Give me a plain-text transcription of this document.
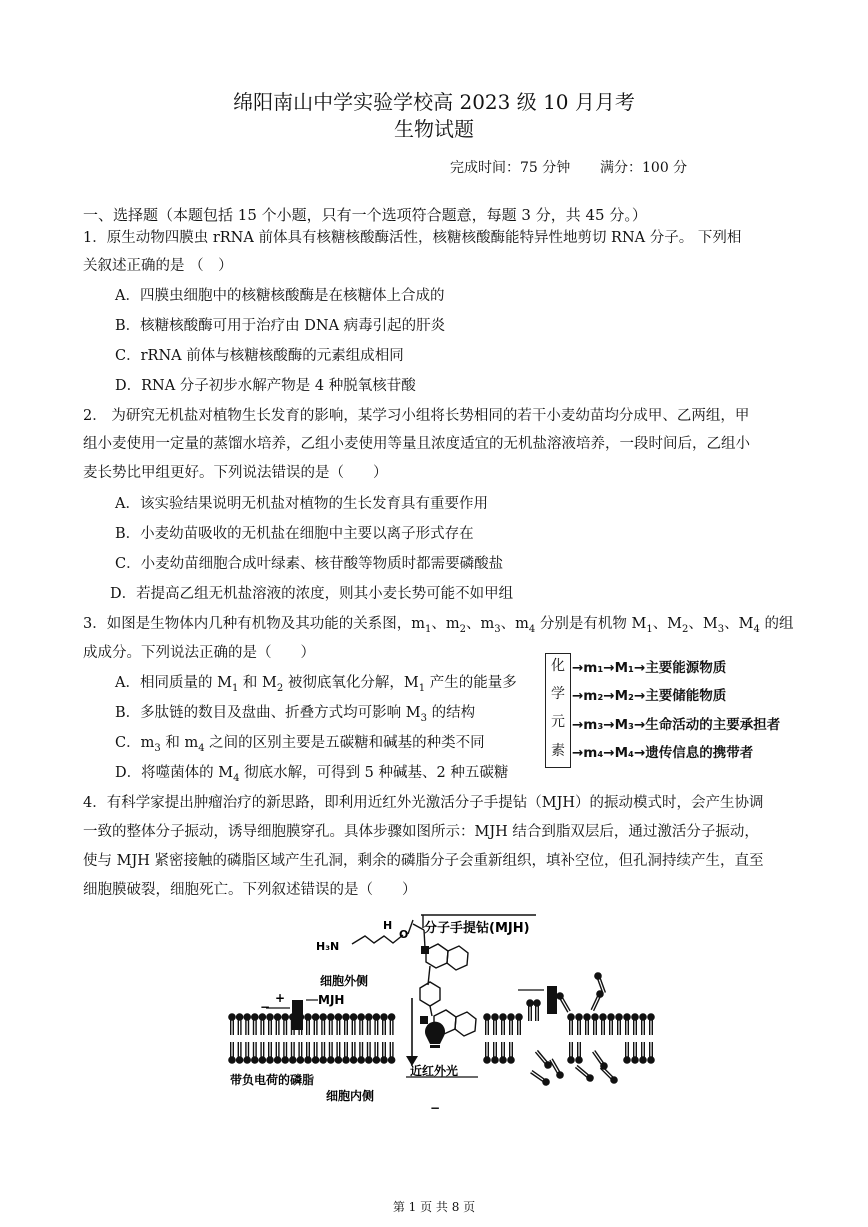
绵阳南山中学实验学校高 2023 级 10 月月考
生物试题
完成时间：75 分钟 满分：100 分
一、选择题（本题包括 15 个小题，只有一个选项符合题意，每题 3 分，共 45 分。）
1．原生动物四膜虫 rRNA 前体具有核糖核酸酶活性，核糖核酸酶能特异性地剪切 RNA 分子。 下列相
关叙述正确的是 （　）
A．四膜虫细胞中的核糖核酸酶是在核糖体上合成的
B．核糖核酸酶可用于治疗由 DNA 病毒引起的肝炎
C．rRNA 前体与核糖核酸酶的元素组成相同
D．RNA 分子初步水解产物是 4 种脱氧核苷酸
2． 为研究无机盐对植物生长发育的影响，某学习小组将长势相同的若干小麦幼苗均分成甲、乙两组，甲
组小麦使用一定量的蒸馏水培养，乙组小麦使用等量且浓度适宜的无机盐溶液培养，一段时间后，乙组小
麦长势比甲组更好。下列说法错误的是（　　）
A．该实验结果说明无机盐对植物的生长发育具有重要作用
B．小麦幼苗吸收的无机盐在细胞中主要以离子形式存在
C．小麦幼苗细胞合成叶绿素、核苷酸等物质时都需要磷酸盐
D．若提高乙组无机盐溶液的浓度，则其小麦长势可能不如甲组
3．如图是生物体内几种有机物及其功能的关系图，$m_1$、$m_2$、$m_3$、$m_4$ 分别是有机物 $M_1$、$M_2$、$M_3$、$M_4$ 的组
成成分。下列说法正确的是（　　）
A．相同质量的 $M_1$ 和 $M_2$ 被彻底氧化分解，$M_1$ 产生的能量多
B．多肽链的数目及盘曲、折叠方式均可影响 $M_3$ 的结构
C．$m_3$ 和 $m_4$ 之间的区别主要是五碳糖和碱基的种类不同
D．将噬菌体的 $M_4$ 彻底水解，可得到 5 种碱基、2 种五碳糖
化
学
元
素
→m₁→M₁→主要能源物质
→m₂→M₂→主要储能物质
→m₃→M₃→生命活动的主要承担者
→m₄→M₄→遗传信息的携带者
4．有科学家提出肿瘤治疗的新思路，即利用近红外光激活分子手提钻（MJH）的振动模式时，会产生协调
一致的整体分子振动，诱导细胞膜穿孔。具体步骤如图所示：MJH 结合到脂双层后，通过激活分子振动，
使与 MJH 紧密接触的磷脂区域产生孔洞，剩余的磷脂分子会重新组织，填补空位，但孔洞持续产生，直至
细胞膜破裂，细胞死亡。下列叙述错误的是（　　）
H₃N
H
O 分子手提钻(MJH)
细胞外侧
MJH
+
−
带负电荷的磷脂
细胞内侧
近红外光
−
第 1 页 共 8 页
